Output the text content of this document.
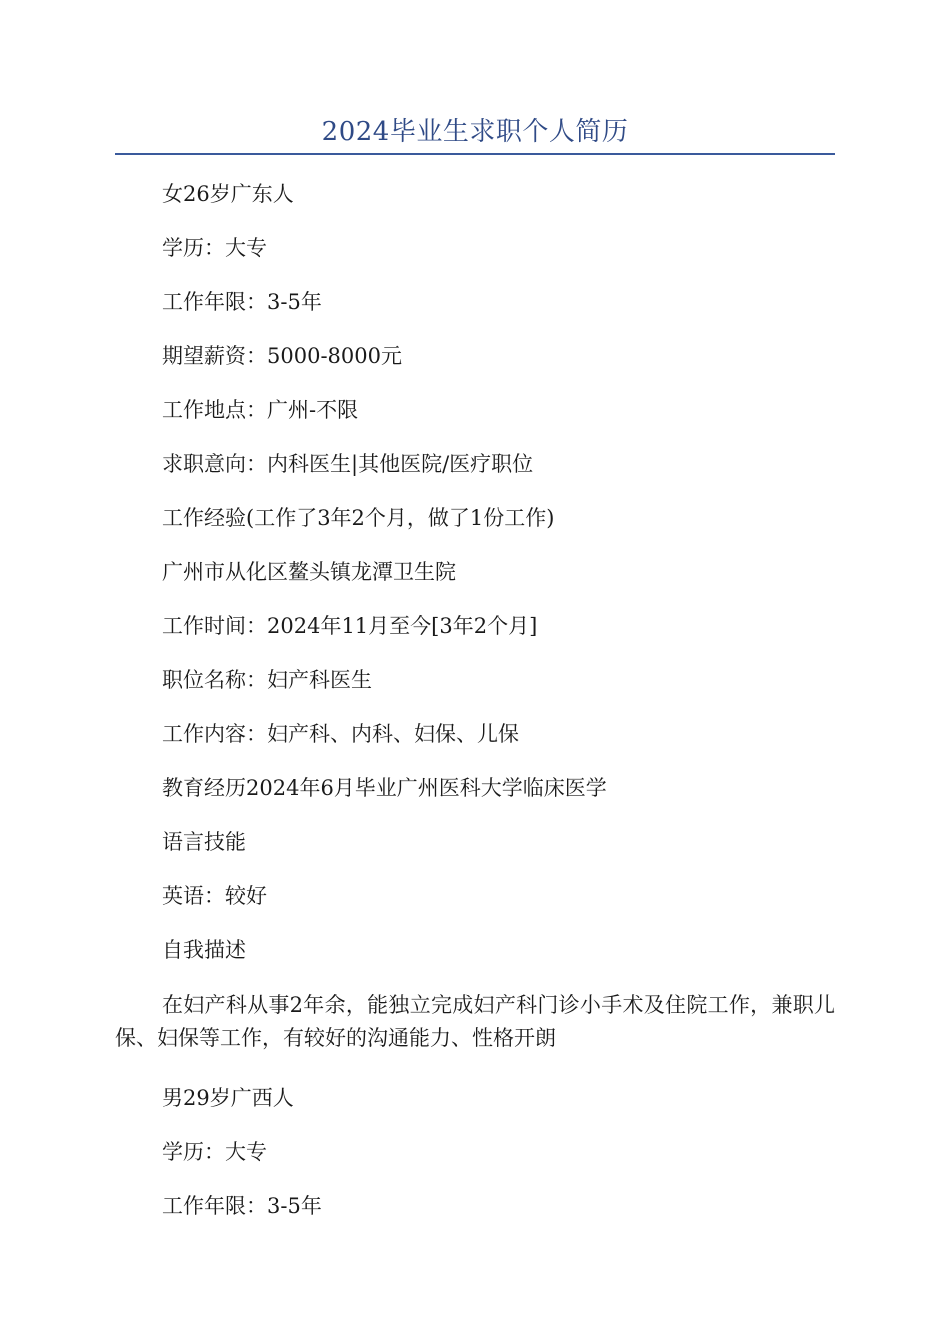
2024毕业生求职个人简历
女26岁广东人
学历：大专
工作年限：3-5年
期望薪资：5000-8000元
工作地点：广州-不限
求职意向：内科医生|其他医院/医疗职位
工作经验(工作了3年2个月，做了1份工作)
广州市从化区鳌头镇龙潭卫生院
工作时间：2024年11月至今[3年2个月]
职位名称：妇产科医生
工作内容：妇产科、内科、妇保、儿保
教育经历2024年6月毕业广州医科大学临床医学
语言技能
英语：较好
自我描述
在妇产科从事2年余，能独立完成妇产科门诊小手术及住院工作，兼职儿保、妇保等工作，有较好的沟通能力、性格开朗
男29岁广西人
学历：大专
工作年限：3-5年
